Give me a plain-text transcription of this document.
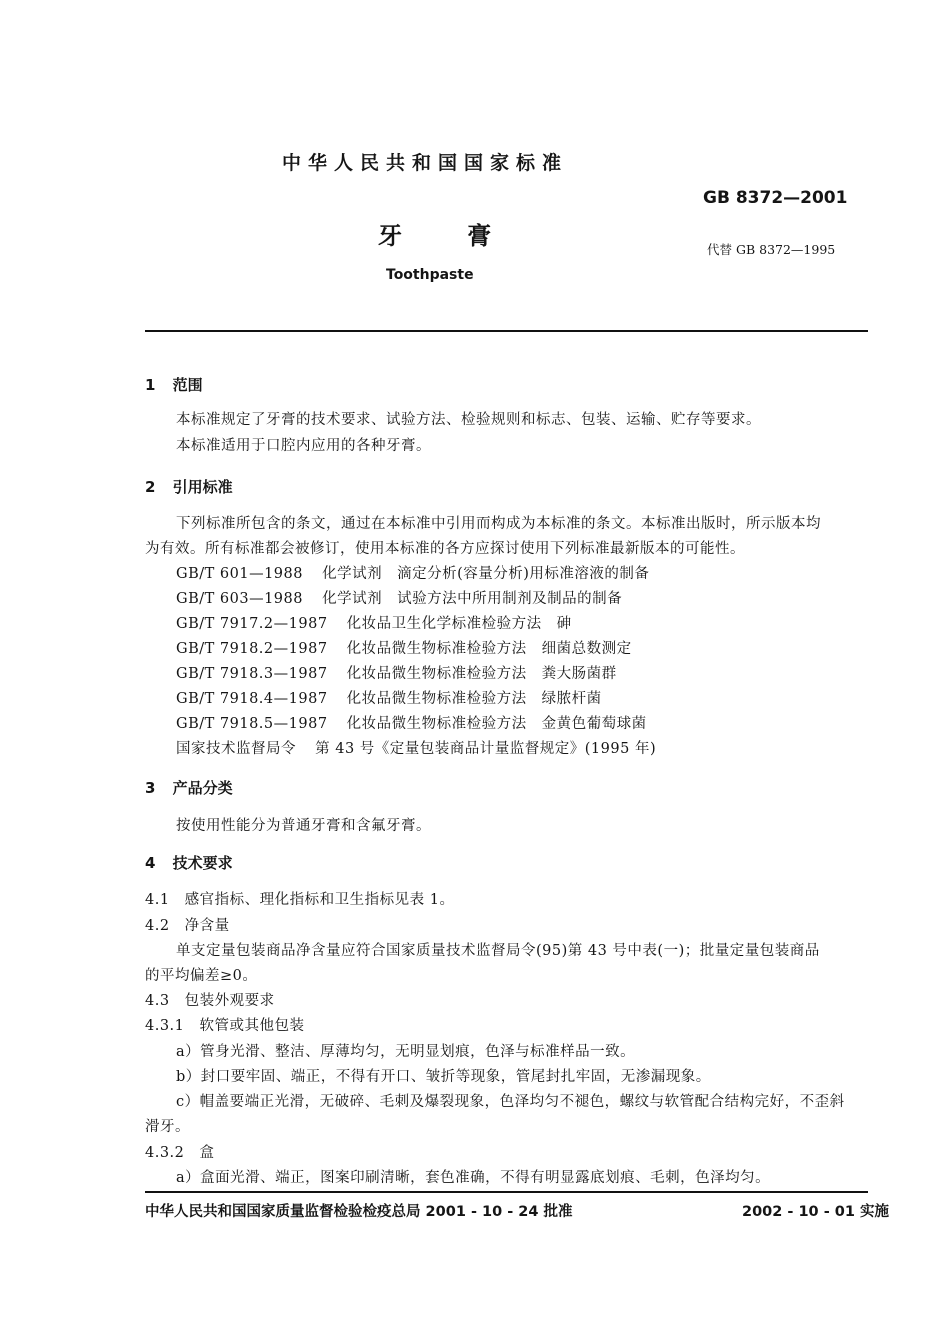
中华人民共和国国家标准
GB 8372—2001
牙   膏	代替 GB 8372—1995
Toothpaste
1 范围
本标准规定了牙膏的技术要求、试验方法、检验规则和标志、包装、运输、贮存等要求。
本标准适用于口腔内应用的各种牙膏。
2 引用标准
下列标准所包含的条文，通过在本标准中引用而构成为本标准的条文。本标准出版时，所示版本均
为有效。所有标准都会被修订，使用本标准的各方应探讨使用下列标准最新版本的可能性。
GB/T 601—1988 化学试剂　滴定分析(容量分析)用标准溶液的制备
GB/T 603—1988 化学试剂　试验方法中所用制剂及制品的制备
GB/T 7917.2—1987 化妆品卫生化学标准检验方法　砷
GB/T 7918.2—1987 化妆品微生物标准检验方法　细菌总数测定
GB/T 7918.3—1987 化妆品微生物标准检验方法　粪大肠菌群
GB/T 7918.4—1987 化妆品微生物标准检验方法　绿脓杆菌
GB/T 7918.5—1987 化妆品微生物标准检验方法　金黄色葡萄球菌
国家技术监督局令 第 43 号《定量包装商品计量监督规定》(1995 年)
3 产品分类
按使用性能分为普通牙膏和含氟牙膏。
4 技术要求
4.1 感官指标、理化指标和卫生指标见表 1。
4.2 净含量
单支定量包装商品净含量应符合国家质量技术监督局令(95)第 43 号中表(一)；批量定量包装商品
的平均偏差≥0。
4.3 包装外观要求
4.3.1 软管或其他包装
a）管身光滑、整洁、厚薄均匀，无明显划痕，色泽与标准样品一致。
b）封口要牢固、端正，不得有开口、皱折等现象，管尾封扎牢固，无渗漏现象。
c）帽盖要端正光滑，无破碎、毛刺及爆裂现象，色泽均匀不褪色，螺纹与软管配合结构完好，不歪斜
滑牙。
4.3.2 盒
a）盒面光滑、端正，图案印刷清晰，套色准确，不得有明显露底划痕、毛刺，色泽均匀。
中华人民共和国国家质量监督检验检疫总局 2001 - 10 - 24 批准	2002 - 10 - 01 实施
